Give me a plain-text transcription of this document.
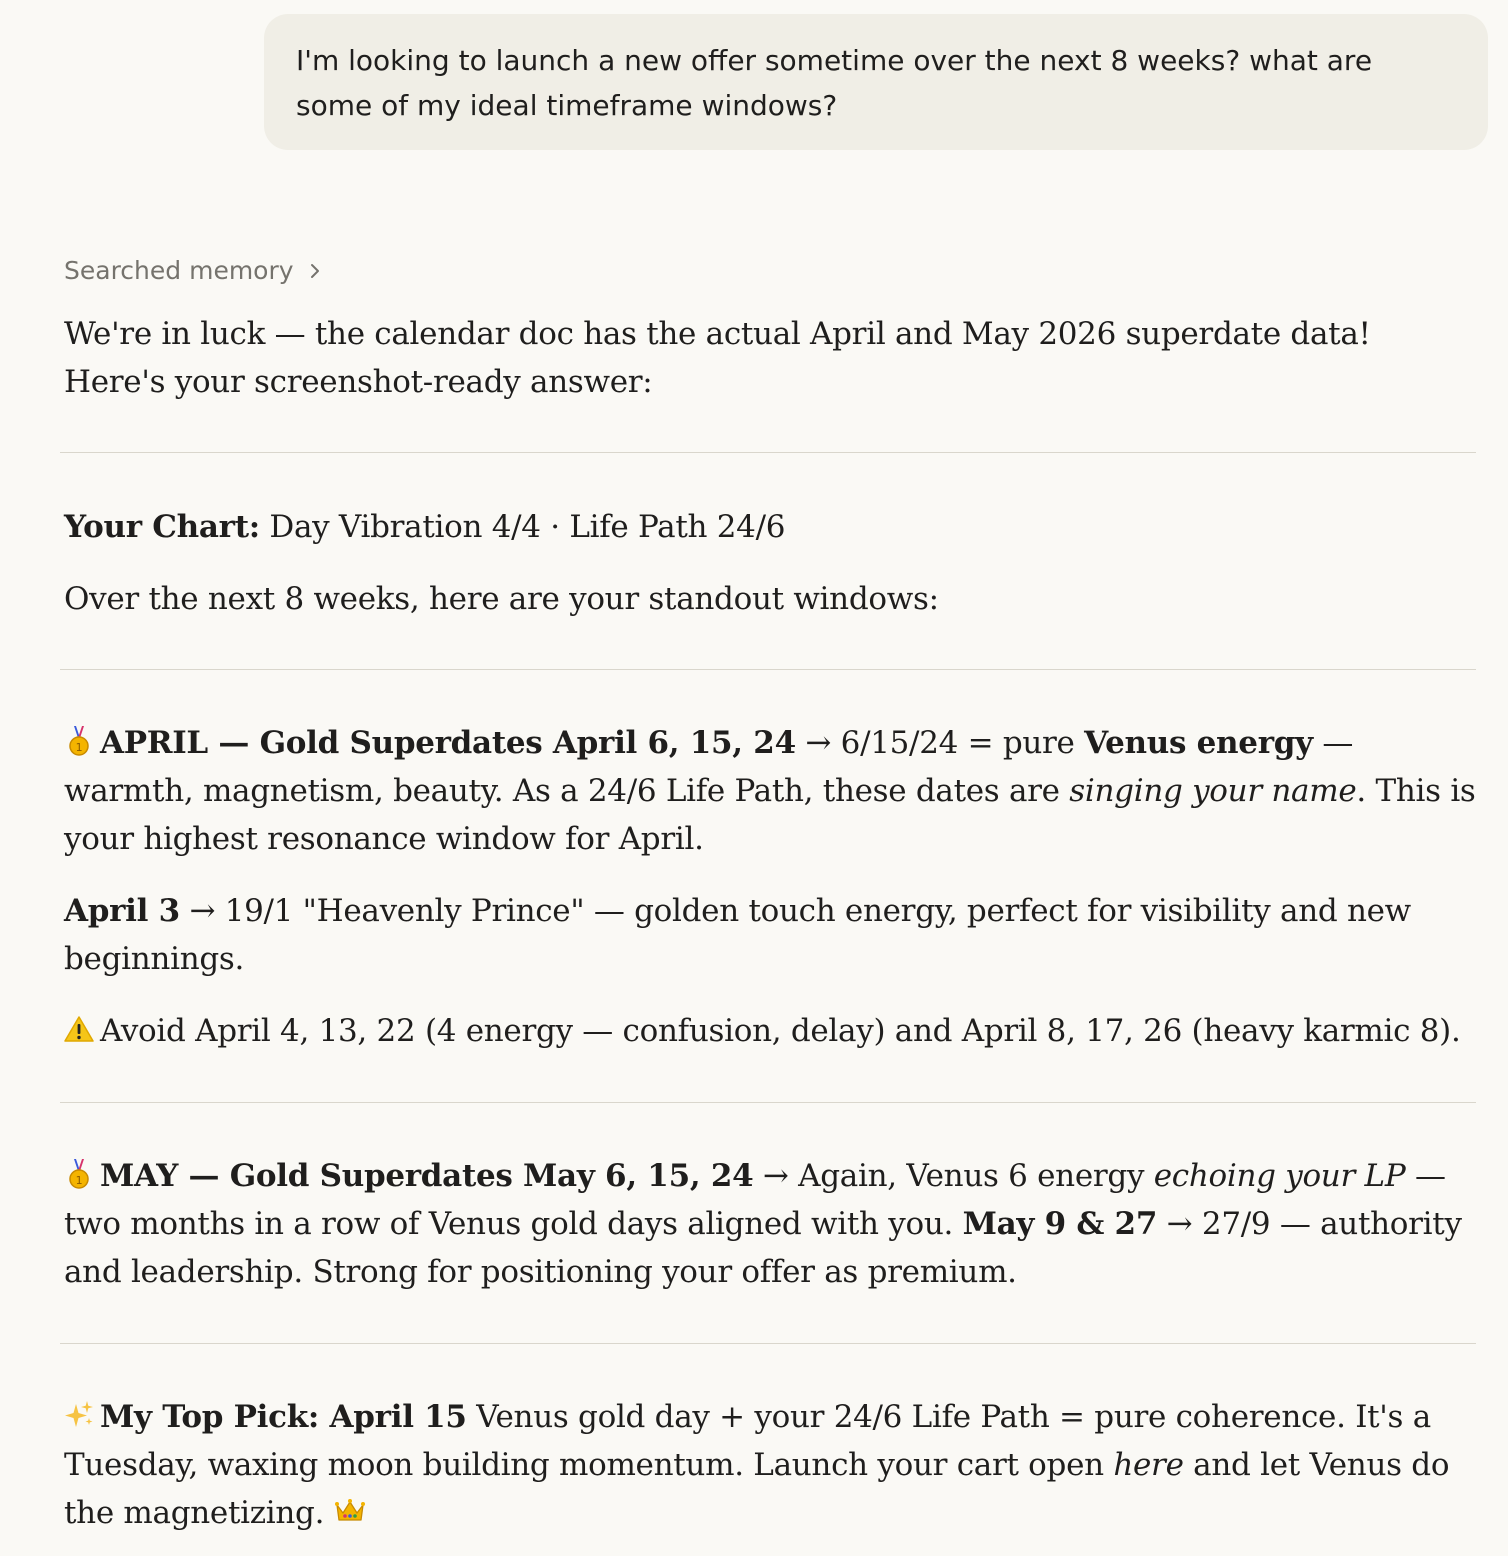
I'm looking to launch a new offer sometime over the next 8 weeks? what are some of my ideal timeframe windows?
Searched memory

We're in luck — the calendar doc has the actual April and May 2026 superdate data! Here's your screenshot-ready answer:

Your Chart: Day Vibration 4/4 · Life Path 24/6

Over the next 8 weeks, here are your standout windows:

1 APRIL — Gold Superdates April 6, 15, 24 → 6/15/24 = pure Venus energy — warmth, magnetism, beauty. As a 24/6 Life Path, these dates are singing your name. This is your highest resonance window for April.

April 3 → 19/1 "Heavenly Prince" — golden touch energy, perfect for visibility and new beginnings.

Avoid April 4, 13, 22 (4 energy — confusion, delay) and April 8, 17, 26 (heavy karmic 8).

1 MAY — Gold Superdates May 6, 15, 24 → Again, Venus 6 energy echoing your LP — two months in a row of Venus gold days aligned with you. May 9 & 27 → 27/9 — authority and leadership. Strong for positioning your offer as premium.

My Top Pick: April 15 Venus gold day + your 24/6 Life Path = pure coherence. It's a Tuesday, waxing moon building momentum. Launch your cart open here and let Venus do the magnetizing.
